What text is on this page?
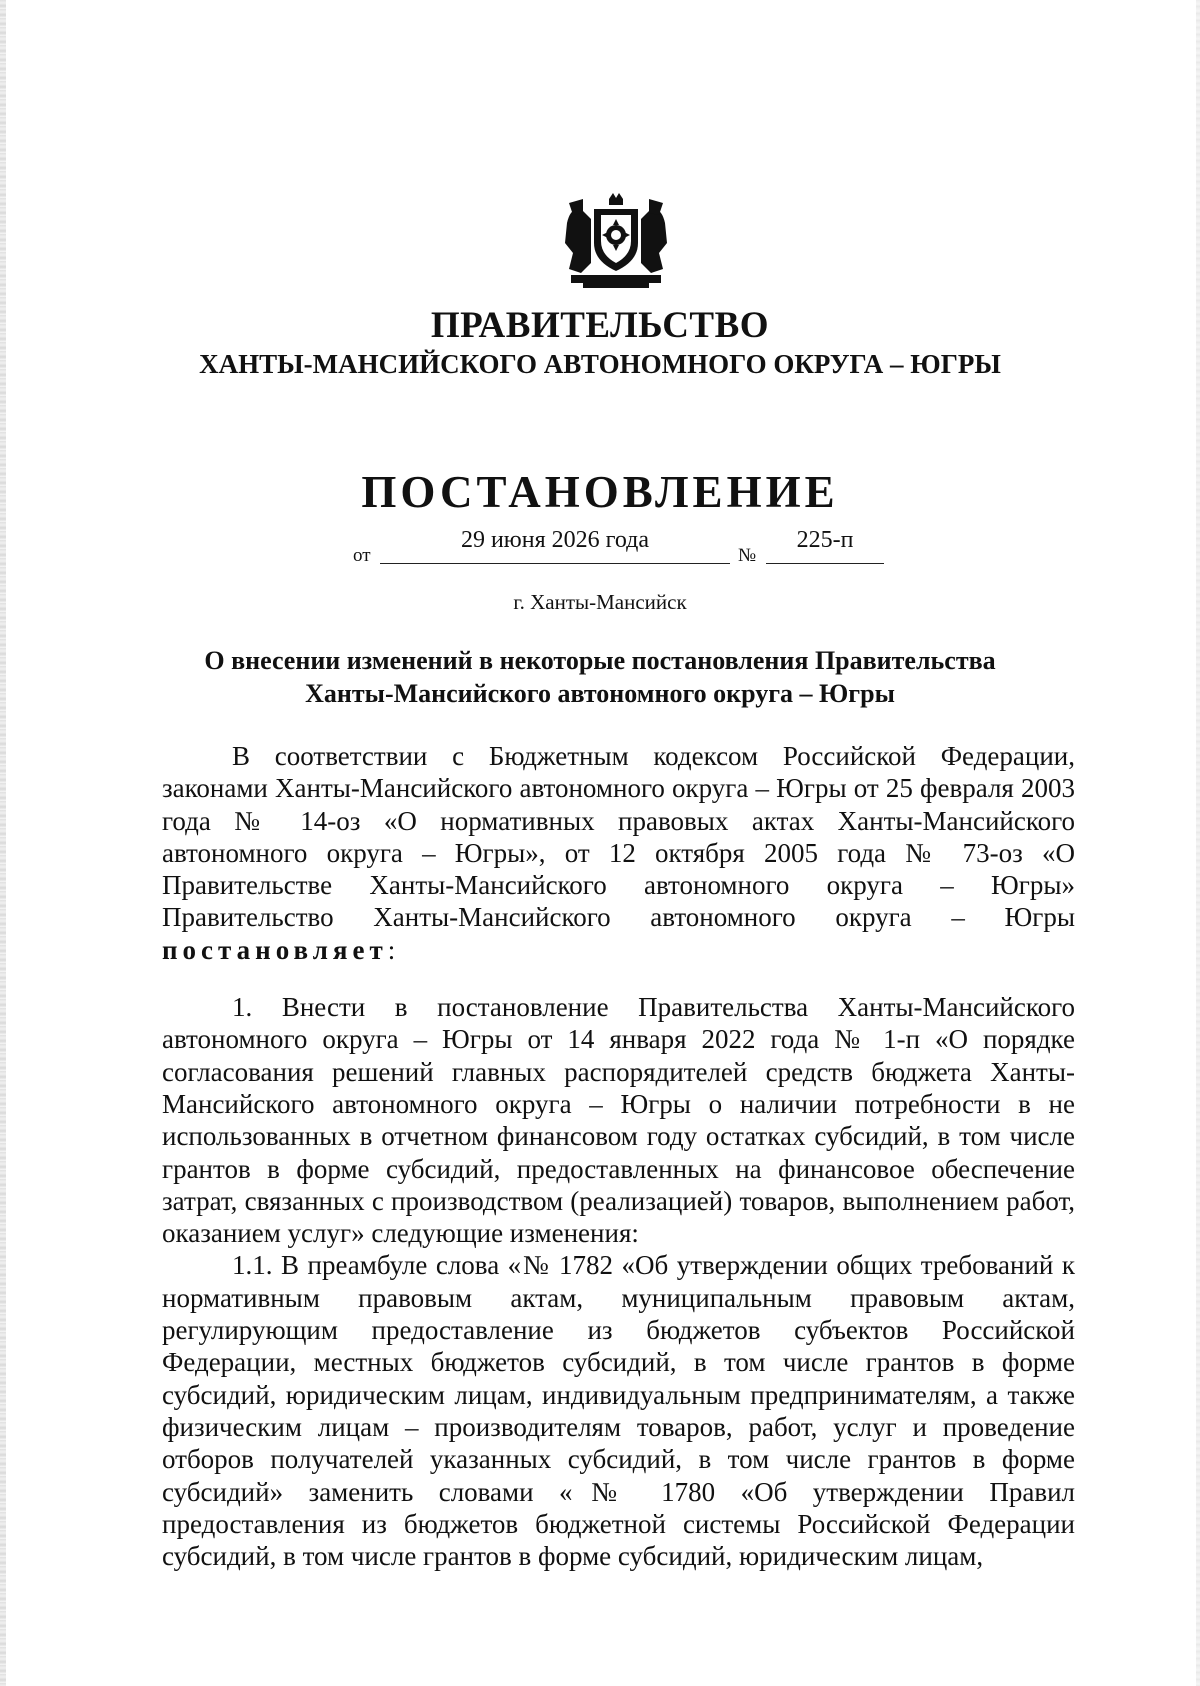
ПРАВИТЕЛЬСТВО
ХАНТЫ-МАНСИЙСКОГО АВТОНОМНОГО ОКРУГА – ЮГРЫ
ПОСТАНОВЛЕНИЕ
от
29 июня 2026 года
№
225-п
г. Ханты-Мансийск
О внесении изменений в некоторые постановления Правительства
Ханты-Мансийского автономного округа – Югры

В соответствии с Бюджетным кодексом Российской Федерации, законами Ханты-Мансийского автономного округа – Югры от 25 февраля 2003 года № 14-оз «О нормативных правовых актах Ханты-Мансийского автономного округа – Югры», от 12 октября 2005 года № 73-оз «О Правительстве Ханты-Мансийского автономного округа – Югры» Правительство Ханты-Мансийского автономного округа – Югры постановляет:

1. Внести в постановление Правительства Ханты-Мансийского автономного округа – Югры от 14 января 2022 года № 1-п «О порядке согласования решений главных распорядителей средств бюджета Ханты-Мансийского автономного округа – Югры о наличии потребности в не использованных в отчетном финансовом году остатках субсидий, в том числе грантов в форме субсидий, предоставленных на финансовое обеспечение затрат, связанных с производством (реализацией) товаров, выполнением работ, оказанием услуг» следующие изменения:

1.1. В преамбуле слова «№ 1782 «Об утверждении общих требований к нормативным правовым актам, муниципальным правовым актам, регулирующим предоставление из бюджетов субъектов Российской Федерации, местных бюджетов субсидий, в том числе грантов в форме субсидий, юридическим лицам, индивидуальным предпринимателям, а также физическим лицам – производителям товаров, работ, услуг и проведение отборов получателей указанных субсидий, в том числе грантов в форме субсидий» заменить словами «№ 1780 «Об утверждении Правил предоставления из бюджетов бюджетной системы Российской Федерации субсидий, в том числе грантов в форме субсидий, юридическим лицам,
